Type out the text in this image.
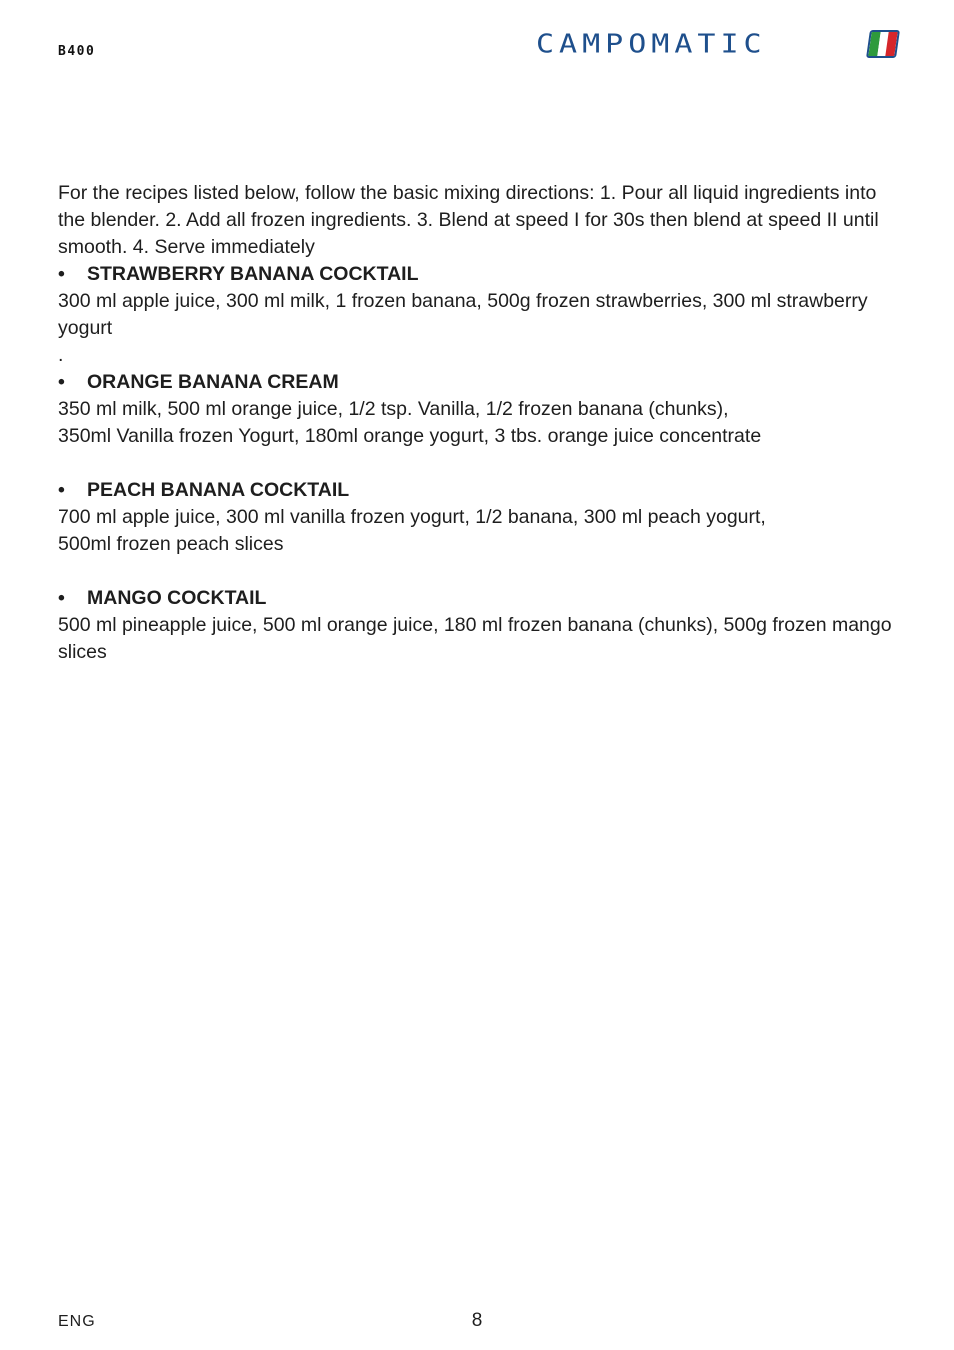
B400	CAMPOMATIC

For the recipes listed below, follow the basic mixing directions: 1. Pour all liquid ingredients into the blender. 2. Add all frozen ingredients. 3. Blend at speed I for 30s then blend at speed II until smooth. 4. Serve immediately

•	STRAWBERRY BANANA COCKTAIL

300 ml apple juice, 300 ml milk, 1 frozen banana, 500g frozen strawberries, 300 ml strawberry yogurt

.

•	ORANGE BANANA CREAM

350 ml milk, 500 ml orange juice, 1/2 tsp. Vanilla, 1/2 frozen banana (chunks),

350ml Vanilla frozen Yogurt, 180ml orange yogurt, 3 tbs. orange juice concentrate

•	PEACH BANANA COCKTAIL

700 ml apple juice, 300 ml vanilla frozen yogurt, 1/2 banana, 300 ml peach yogurt,

500ml frozen peach slices

•	MANGO COCKTAIL

500 ml pineapple juice, 500 ml orange juice, 180 ml frozen banana (chunks), 500g frozen mango slices

ENG	8
